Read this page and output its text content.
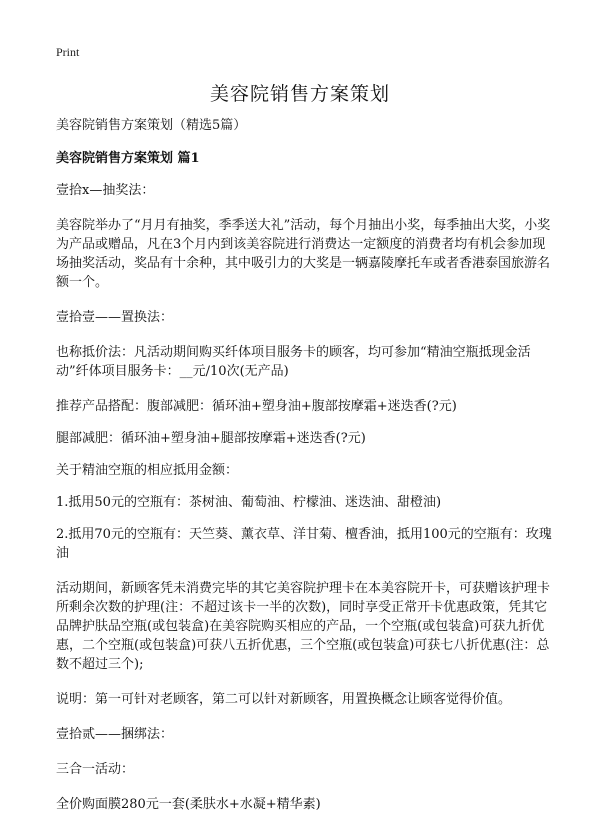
Print
美容院销售方案策划

美容院销售方案策划（精选5篇）

美容院销售方案策划 篇1

壹拾x—抽奖法：

美容院举办了“月月有抽奖，季季送大礼”活动，每个月抽出小奖，每季抽出大奖，小奖为产品或赠品，凡在3个月内到该美容院进行消费达一定额度的消费者均有机会参加现场抽奖活动，奖品有十余种，其中吸引力的大奖是一辆嘉陵摩托车或者香港泰国旅游名额一个。

壹拾壹——置换法：

也称抵价法：凡活动期间购买纤体项目服务卡的顾客，均可参加“精油空瓶抵现金活动”纤体项目服务卡：__元/10次(无产品)

推荐产品搭配：腹部减肥：循环油+塑身油+腹部按摩霜+迷迭香(?元)

腿部减肥：循环油+塑身油+腿部按摩霜+迷迭香(?元)

关于精油空瓶的相应抵用金额：

1.抵用50元的空瓶有：茶树油、葡萄油、柠檬油、迷迭油、甜橙油)

2.抵用70元的空瓶有：天竺葵、薰衣草、洋甘菊、檀香油，抵用100元的空瓶有：玫瑰油

活动期间，新顾客凭未消费完毕的其它美容院护理卡在本美容院开卡，可获赠该护理卡所剩余次数的护理(注：不超过该卡一半的次数)，同时享受正常开卡优惠政策，凭其它品牌护肤品空瓶(或包装盒)在美容院购买相应的产品，一个空瓶(或包装盒)可获九折优惠，二个空瓶(或包装盒)可获八五折优惠，三个空瓶(或包装盒)可获七八折优惠(注：总数不超过三个);

说明：第一可针对老顾客，第二可以针对新顾客，用置换概念让顾客觉得价值。

壹拾贰——捆绑法：

三合一活动：

全价购面膜280元一套(柔肤水+水凝+精华素)
